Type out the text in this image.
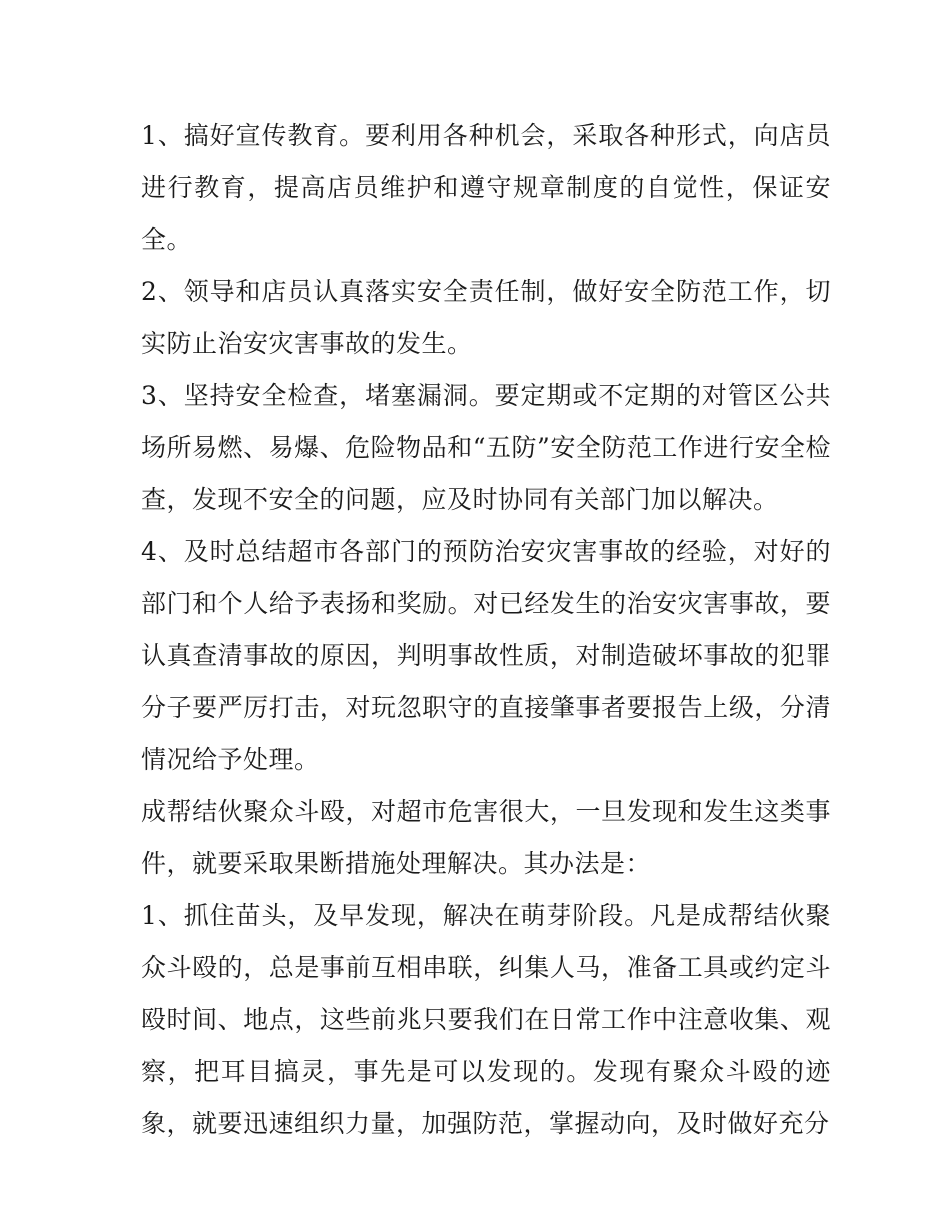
1、搞好宣传教育。要利用各种机会，采取各种形式，向店员进行教育，提高店员维护和遵守规章制度的自觉性，保证安全。

2、领导和店员认真落实安全责任制，做好安全防范工作，切实防止治安灾害事故的发生。

3、坚持安全检查，堵塞漏洞。要定期或不定期的对管区公共场所易燃、易爆、危险物品和“五防”安全防范工作进行安全检查，发现不安全的问题，应及时协同有关部门加以解决。

4、及时总结超市各部门的预防治安灾害事故的经验，对好的部门和个人给予表扬和奖励。对已经发生的治安灾害事故，要认真查清事故的原因，判明事故性质，对制造破坏事故的犯罪分子要严厉打击，对玩忽职守的直接肇事者要报告上级，分清情况给予处理。

成帮结伙聚众斗殴，对超市危害很大，一旦发现和发生这类事件，就要采取果断措施处理解决。其办法是：

1、抓住苗头，及早发现，解决在萌芽阶段。凡是成帮结伙聚众斗殴的，总是事前互相串联，纠集人马，准备工具或约定斗殴时间、地点，这些前兆只要我们在日常工作中注意收集、观察，把耳目搞灵，事先是可以发现的。发现有聚众斗殴的迹象，就要迅速组织力量，加强防范，掌握动向，及时做好充分
